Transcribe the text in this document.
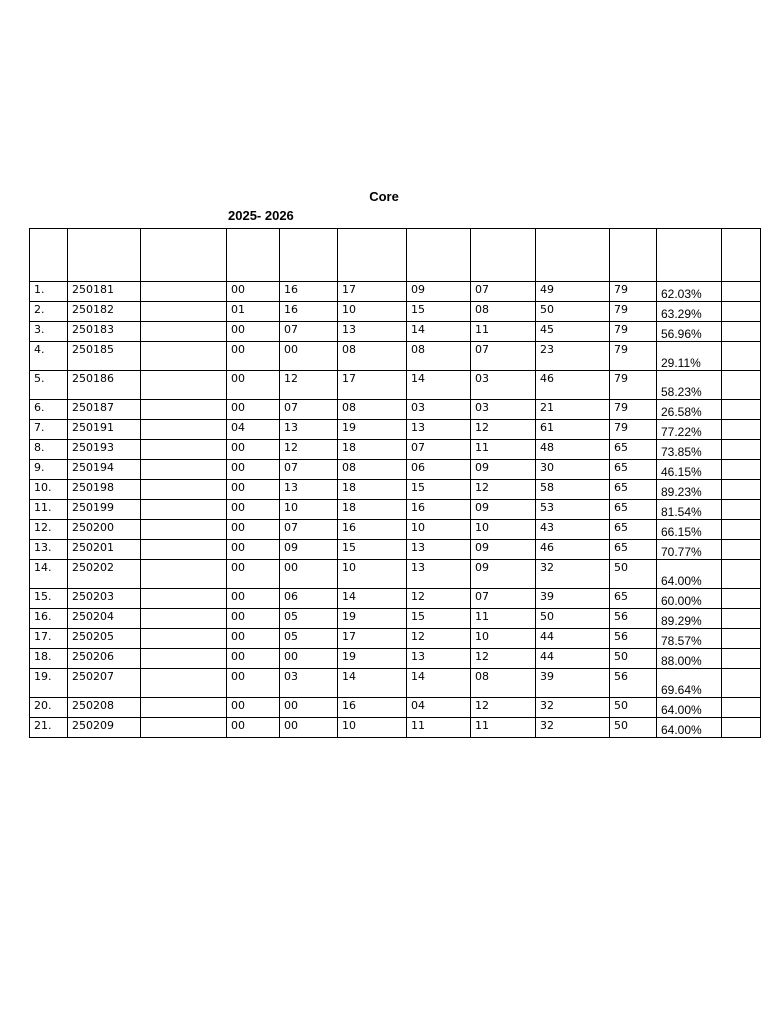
Core
2025- 2026

1.	250181		00	16	17	09	07	49	79	62.03%	
2.	250182		01	16	10	15	08	50	79	63.29%	
3.	250183		00	07	13	14	11	45	79	56.96%	
4.	250185		00	00	08	08	07	23	79	29.11%	
5.	250186		00	12	17	14	03	46	79	58.23%	
6.	250187		00	07	08	03	03	21	79	26.58%	
7.	250191		04	13	19	13	12	61	79	77.22%	
8.	250193		00	12	18	07	11	48	65	73.85%	
9.	250194		00	07	08	06	09	30	65	46.15%	
10.	250198		00	13	18	15	12	58	65	89.23%	
11.	250199		00	10	18	16	09	53	65	81.54%	
12.	250200		00	07	16	10	10	43	65	66.15%	
13.	250201		00	09	15	13	09	46	65	70.77%	
14.	250202		00	00	10	13	09	32	50	64.00%	
15.	250203		00	06	14	12	07	39	65	60.00%	
16.	250204		00	05	19	15	11	50	56	89.29%	
17.	250205		00	05	17	12	10	44	56	78.57%	
18.	250206		00	00	19	13	12	44	50	88.00%	
19.	250207		00	03	14	14	08	39	56	69.64%	
20.	250208		00	00	16	04	12	32	50	64.00%	
21.	250209		00	00	10	11	11	32	50	64.00%	
